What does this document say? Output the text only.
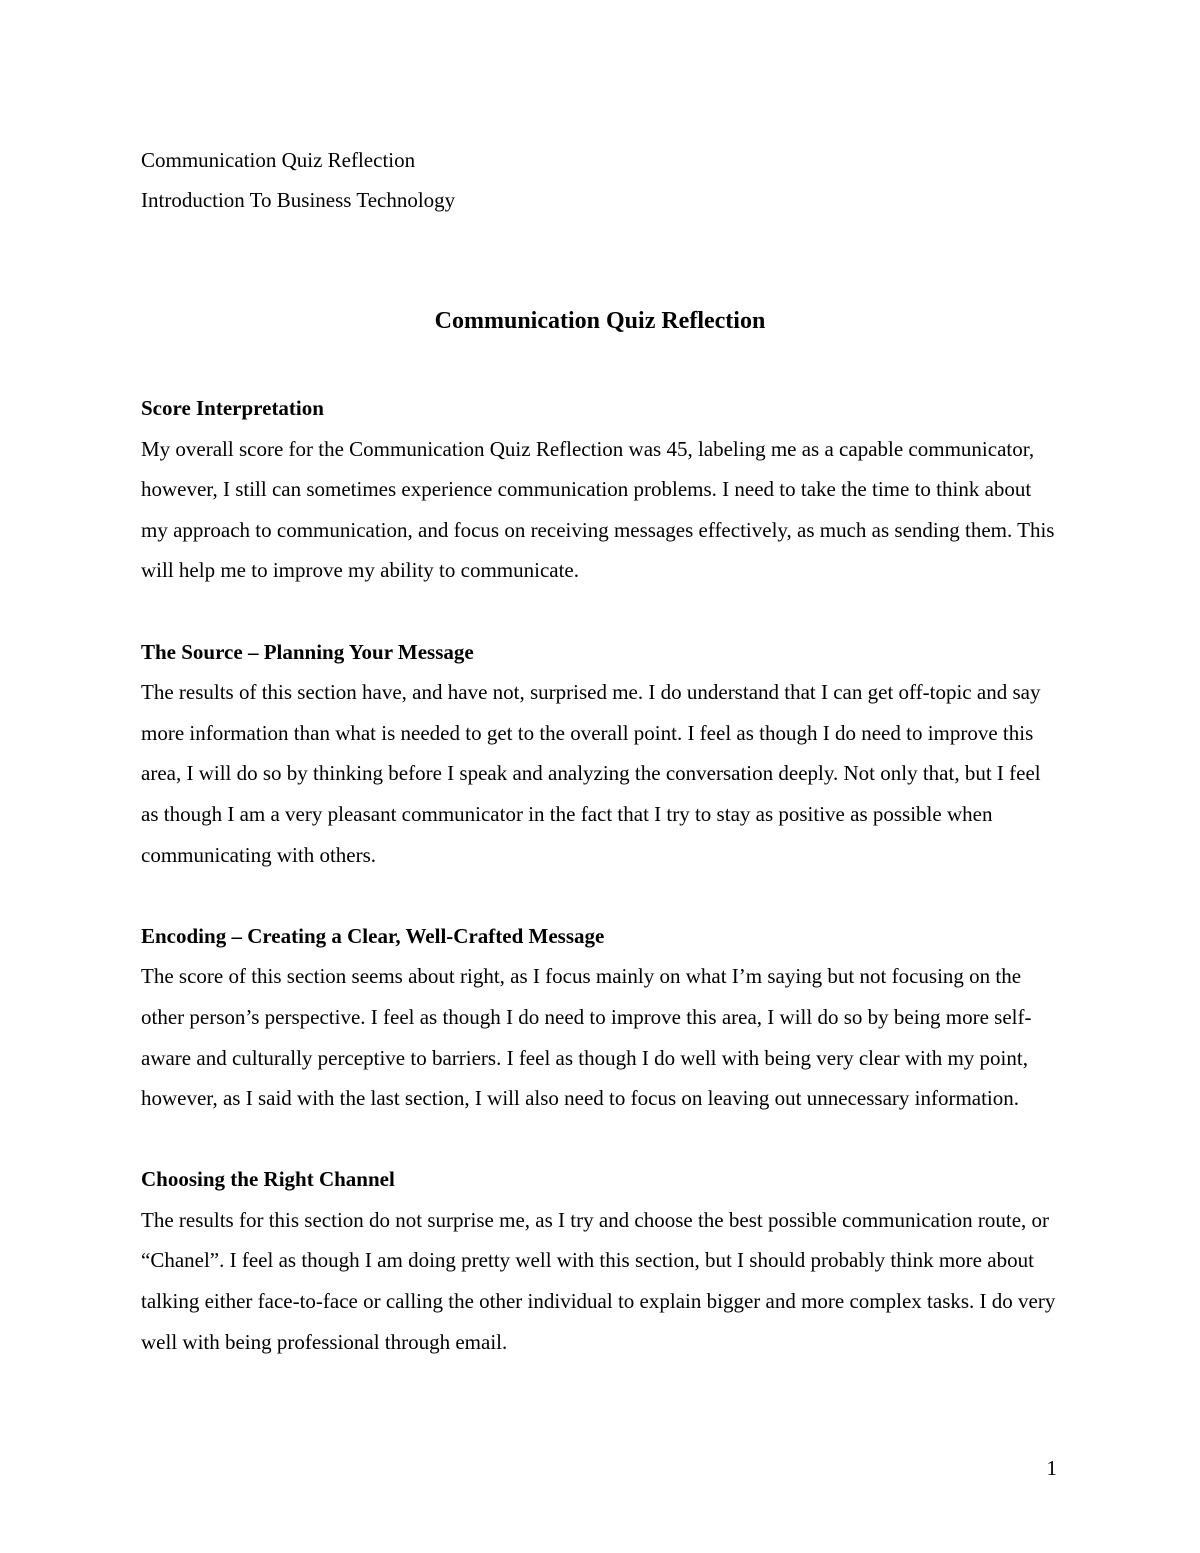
Communication Quiz Reflection
Introduction To Business Technology
Communication Quiz Reflection
Score Interpretation

My overall score for the Communication Quiz Reflection was 45, labeling me as a capable communicator, however, I still can sometimes experience communication problems. I need to take the time to think about my approach to communication, and focus on receiving messages effectively, as much as sending them. This will help me to improve my ability to communicate.

The Source – Planning Your Message

The results of this section have, and have not, surprised me. I do understand that I can get off-topic and say more information than what is needed to get to the overall point. I feel as though I do need to improve this area, I will do so by thinking before I speak and analyzing the conversation deeply. Not only that, but I feel as though I am a very pleasant communicator in the fact that I try to stay as positive as possible when communicating with others.

Encoding – Creating a Clear, Well-Crafted Message

The score of this section seems about right, as I focus mainly on what I’m saying but not focusing on the other person’s perspective. I feel as though I do need to improve this area, I will do so by being more self-aware and culturally perceptive to barriers. I feel as though I do well with being very clear with my point, however, as I said with the last section, I will also need to focus on leaving out unnecessary information.

Choosing the Right Channel

The results for this section do not surprise me, as I try and choose the best possible communication route, or “Chanel”. I feel as though I am doing pretty well with this section, but I should probably think more about talking either face-to-face or calling the other individual to explain bigger and more complex tasks. I do very well with being professional through email.

1
